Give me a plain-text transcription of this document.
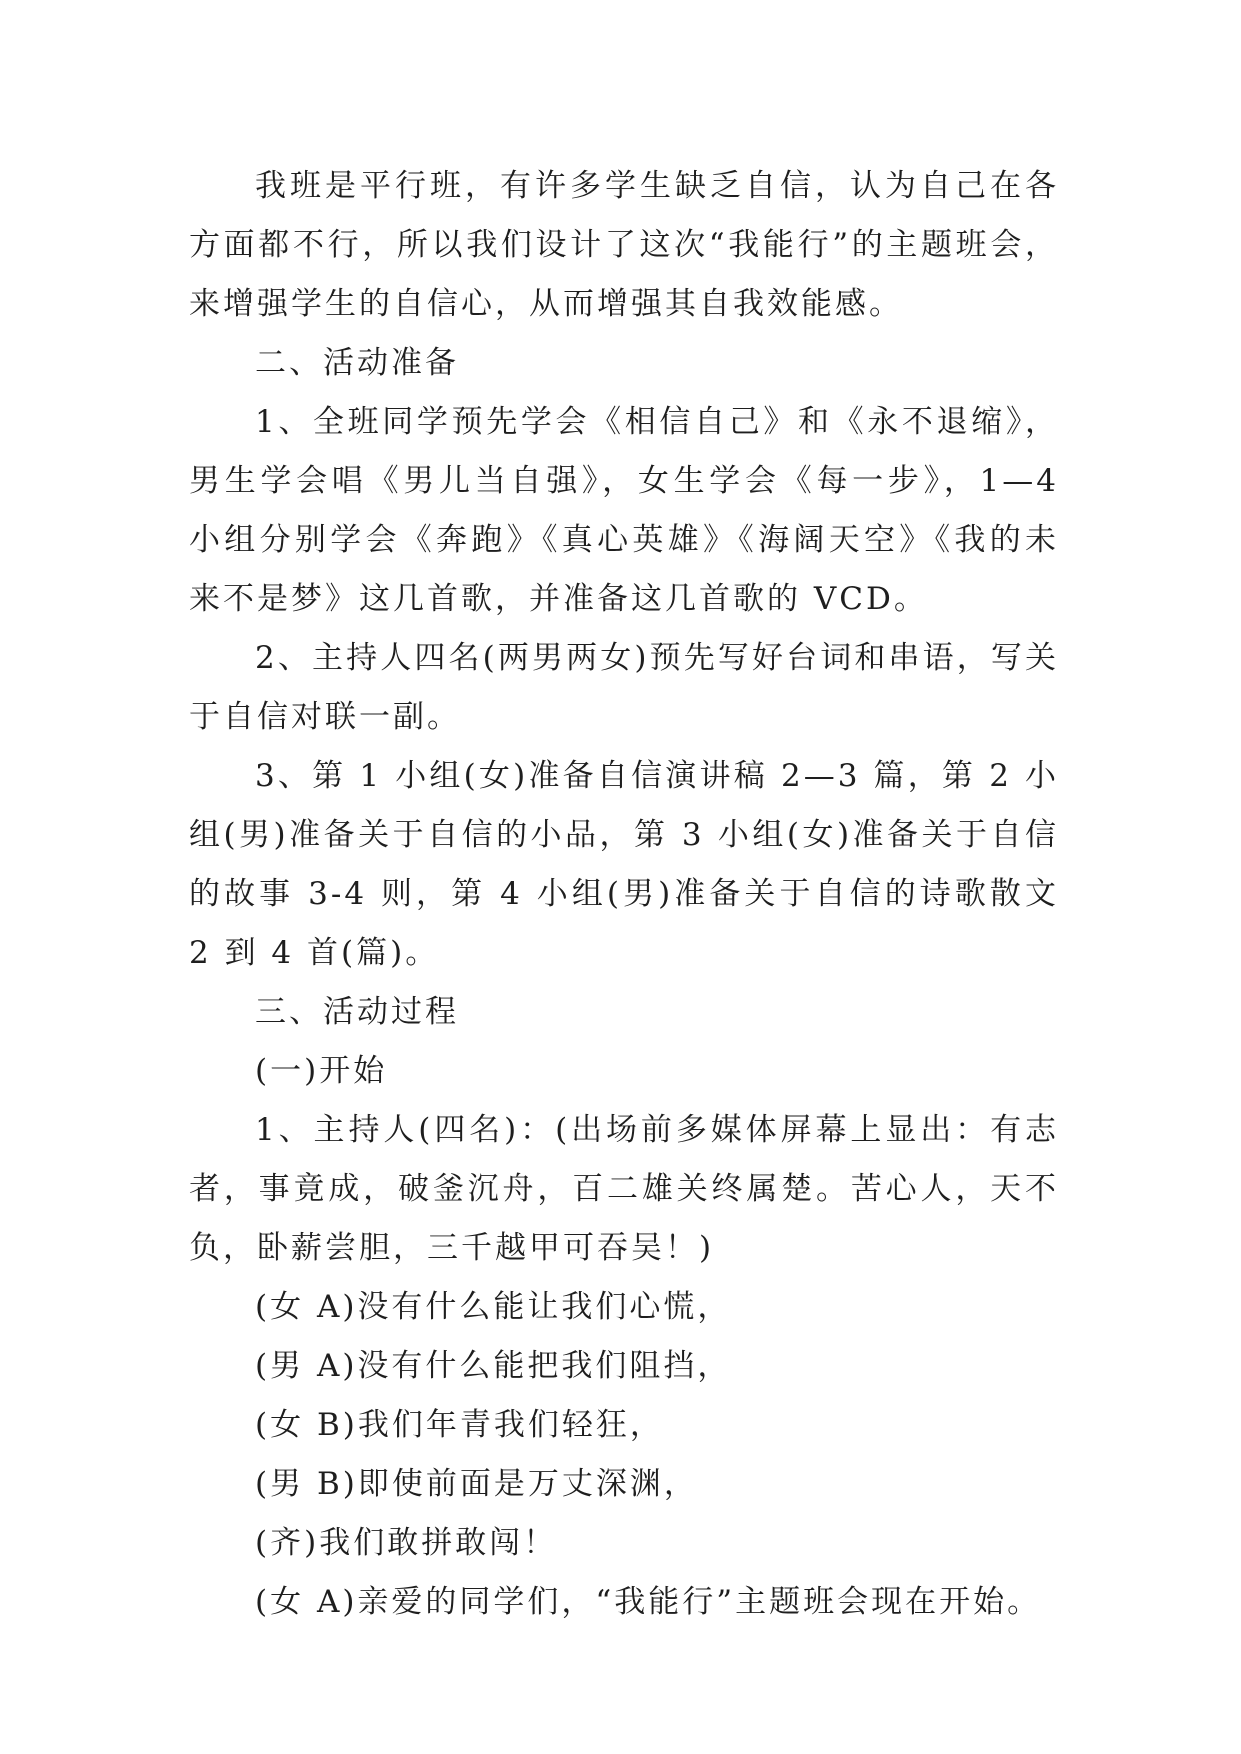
我班是平行班，有许多学生缺乏自信，认为自己在各方面都不行，所以我们设计了这次“我能行”的主题班会，来增强学生的自信心，从而增强其自我效能感。

二、活动准备

1、全班同学预先学会《相信自己》和《永不退缩》，男生学会唱《男儿当自强》，女生学会《每一步》，1—4 小组分别学会《奔跑》《真心英雄》《海阔天空》《我的未来不是梦》这几首歌，并准备这几首歌的 VCD。

2、主持人四名(两男两女)预先写好台词和串语，写关于自信对联一副。

3、第 1 小组(女)准备自信演讲稿 2—3 篇，第 2 小组(男)准备关于自信的小品，第 3 小组(女)准备关于自信的故事 3-4 则，第 4 小组(男)准备关于自信的诗歌散文 2 到 4 首(篇)。

三、活动过程

(一)开始

1、主持人(四名)：(出场前多媒体屏幕上显出：有志者，事竟成，破釜沉舟，百二雄关终属楚。苦心人，天不负，卧薪尝胆，三千越甲可吞吴！)

(女 A)没有什么能让我们心慌，

(男 A)没有什么能把我们阻挡，

(女 B)我们年青我们轻狂，

(男 B)即使前面是万丈深渊，

(齐)我们敢拼敢闯！

(女 A)亲爱的同学们，“我能行”主题班会现在开始。
